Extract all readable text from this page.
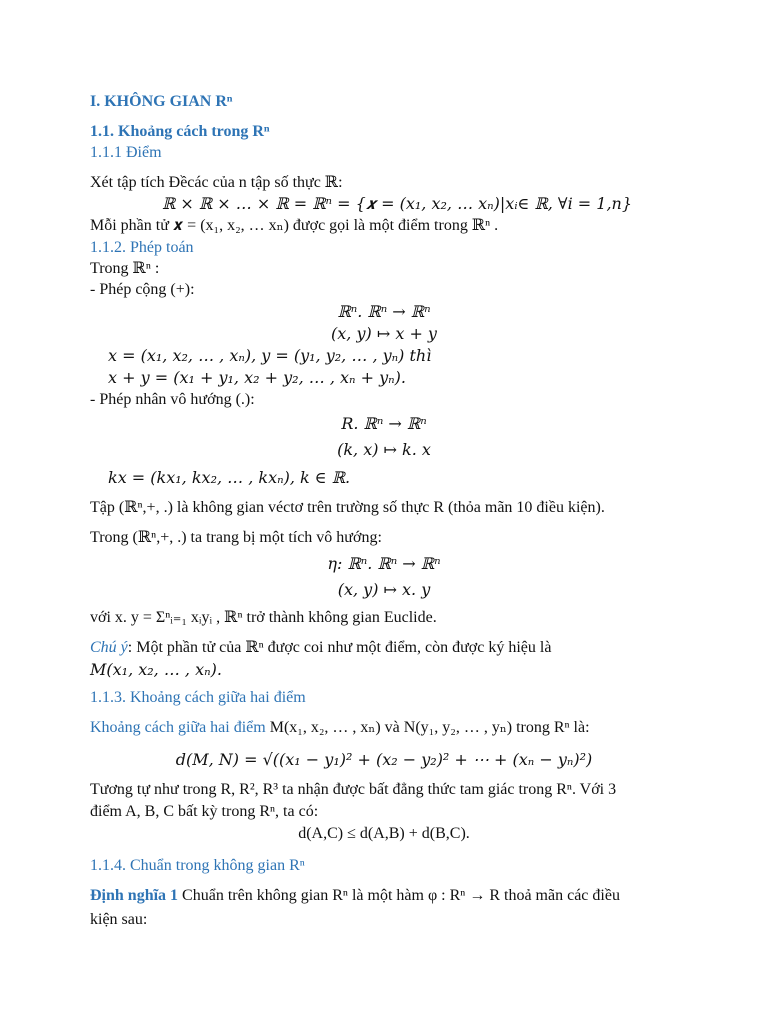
I. KHÔNG GIAN Rⁿ
1.1. Khoảng cách trong Rⁿ
1.1.1 Điểm
Xét tập tích Đềcác của n tập số thực ℝ:
ℝ × ℝ × … × ℝ = ℝⁿ = {𝒙 = (x₁, x₂, … xₙ)|xᵢ∈ ℝ, ∀i = 1,n}
Mỗi phần tử 𝒙 = (x₁, x₂, … xₙ) được gọi là một điểm trong ℝⁿ .
1.1.2. Phép toán
Trong ℝⁿ :
- Phép cộng (+):
ℝⁿ. ℝⁿ → ℝⁿ
(x, y) ↦ x + y
x = (x₁, x₂, … , xₙ), y = (y₁, y₂, … , yₙ) thì
x + y = (x₁ + y₁, x₂ + y₂, … , xₙ + yₙ).
- Phép nhân vô hướng (.):
R. ℝⁿ → ℝⁿ
(k, x) ↦ k. x
kx = (kx₁, kx₂, … , kxₙ), k ∈ ℝ.
Tập (ℝⁿ,+, .) là không gian véctơ trên trường số thực R (thỏa mãn 10 điều kiện).
Trong (ℝⁿ,+, .) ta trang bị một tích vô hướng:
η: ℝⁿ. ℝⁿ → ℝⁿ
(x, y) ↦ x. y
với x. y = Σⁿᵢ₌₁ xᵢyᵢ , ℝⁿ trở thành không gian Euclide.
Chú ý: Một phần tử của ℝⁿ được coi như một điểm, còn được ký hiệu là
M(x₁, x₂, … , xₙ).
1.1.3. Khoảng cách giữa hai điểm
Khoảng cách giữa hai điểm M(x₁, x₂, … , xₙ) và N(y₁, y₂, … , yₙ) trong Rⁿ là:
d(M, N) = √((x₁ − y₁)² + (x₂ − y₂)² + ⋯ + (xₙ − yₙ)²)
Tương tự như trong R, R², R³ ta nhận được bất đẳng thức tam giác trong Rⁿ. Với 3
điểm A, B, C bất kỳ trong Rⁿ, ta có:
d(A,C) ≤ d(A,B) + d(B,C).
1.1.4. Chuẩn trong không gian Rⁿ
Định nghĩa 1 Chuẩn trên không gian Rⁿ là một hàm φ : Rⁿ → R thoả mãn các điều
kiện sau:
